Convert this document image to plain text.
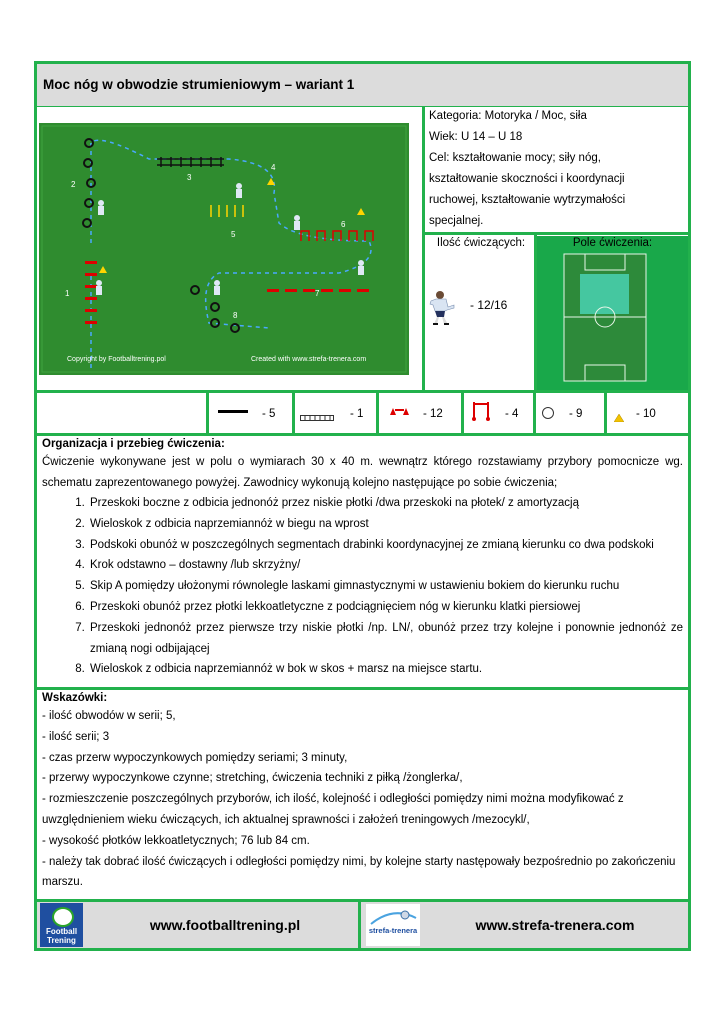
Moc nóg w obwodzie strumieniowym – wariant 1
1
2
3
4
5
6
7
8
Copyright by Footballtrening.pol	Created with www.strefa-trenera.com
Kategoria: Motoryka / Moc, siła
Wiek: U 14 – U 18
Cel: kształtowanie mocy; siły nóg,
kształtowanie skoczności i koordynacji
ruchowej, kształtowanie wytrzymałości
specjalnej.
Ilość ćwiczących:
- 12/16
Pole ćwiczenia:
- 5	- 1	- 12	- 4	- 9	- 10
Organizacja i przebieg ćwiczenia:

Ćwiczenie wykonywane jest w polu o wymiarach 30 x 40 m. wewnątrz którego rozstawiamy przybory pomocnicze wg. schematu zaprezentowanego powyżej. Zawodnicy wykonują kolejno następujące po sobie ćwiczenia;

1. Przeskoki boczne z odbicia jednonóż przez niskie płotki /dwa przeskoki na płotek/ z amortyzacją
2. Wieloskok z odbicia naprzemiannóż w biegu na wprost
3. Podskoki obunóż w poszczególnych segmentach drabinki koordynacyjnej ze zmianą kierunku co dwa podskoki
4. Krok odstawno – dostawny /lub skrzyżny/
5. Skip A pomiędzy ułożonymi równolegle laskami gimnastycznymi w ustawieniu bokiem do kierunku ruchu
6. Przeskoki obunóż przez płotki lekkoatletyczne z podciągnięciem nóg w kierunku klatki piersiowej
7. Przeskoki jednonóż przez pierwsze trzy niskie płotki /np. LN/, obunóż przez trzy kolejne i ponownie jednonóż ze zmianą nogi odbijającej
8. Wieloskok z odbicia naprzemiannóż w bok w skos + marsz na miejsce startu.
Wskazówki:
- ilość obwodów w serii; 5,
- ilość serii; 3
- czas przerw wypoczynkowych pomiędzy seriami; 3 minuty,
- przerwy wypoczynkowe czynne; stretching, ćwiczenia techniki z piłką /żonglerka/,
- rozmieszczenie poszczególnych przyborów, ich ilość, kolejność i odległości pomiędzy nimi można modyfikować z uwzględnieniem wieku ćwiczących, ich aktualnej sprawności i założeń treningowych /mezocykl/,
- wysokość płotków lekkoatletycznych; 76 lub 84 cm.
- należy tak dobrać ilość ćwiczących i odległości pomiędzy nimi, by kolejne starty następowały bezpośrednio po zakończeniu marszu.
Football Trening
www.footballtrening.pl	strefa-trenera	www.strefa-trenera.com
